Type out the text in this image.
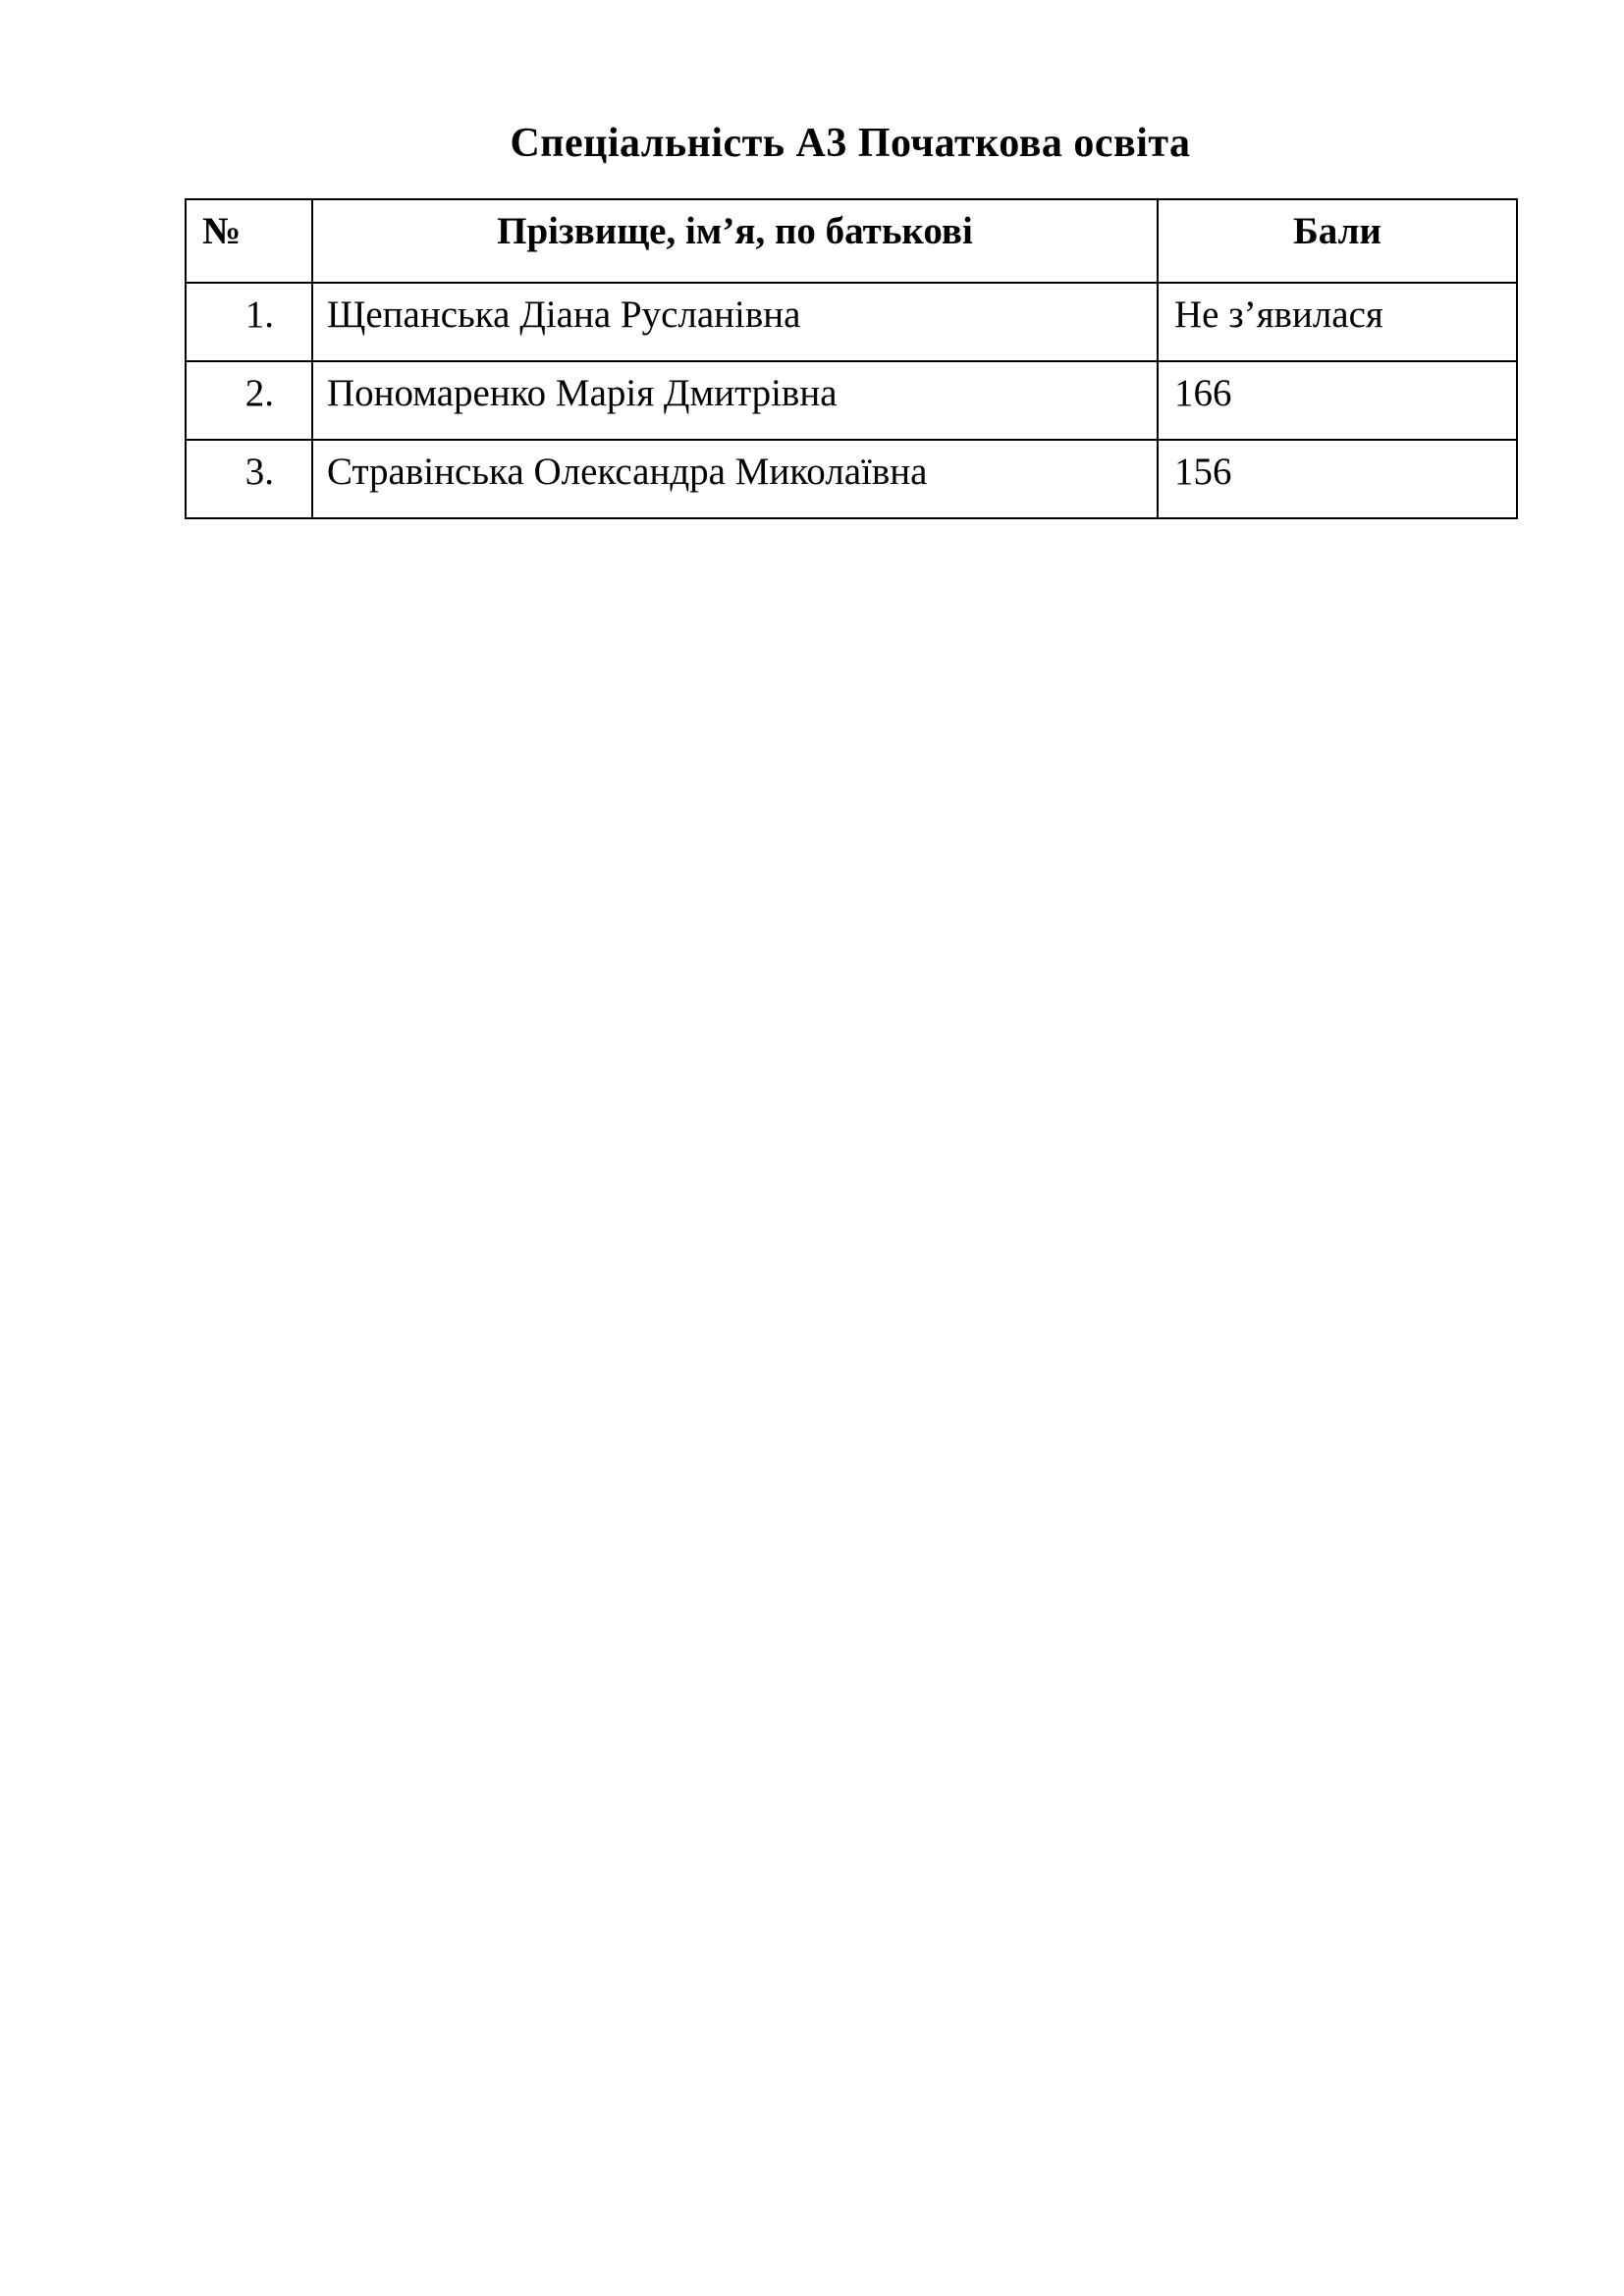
Спеціальність А3 Початкова освіта
№	Прізвище, ім’я, по батькові	Бали
1.	Щепанська Діана Русланівна	Не з’явилася
2.	Пономаренко Марія Дмитрівна	166
3.	Стравінська Олександра Миколаївна	156
